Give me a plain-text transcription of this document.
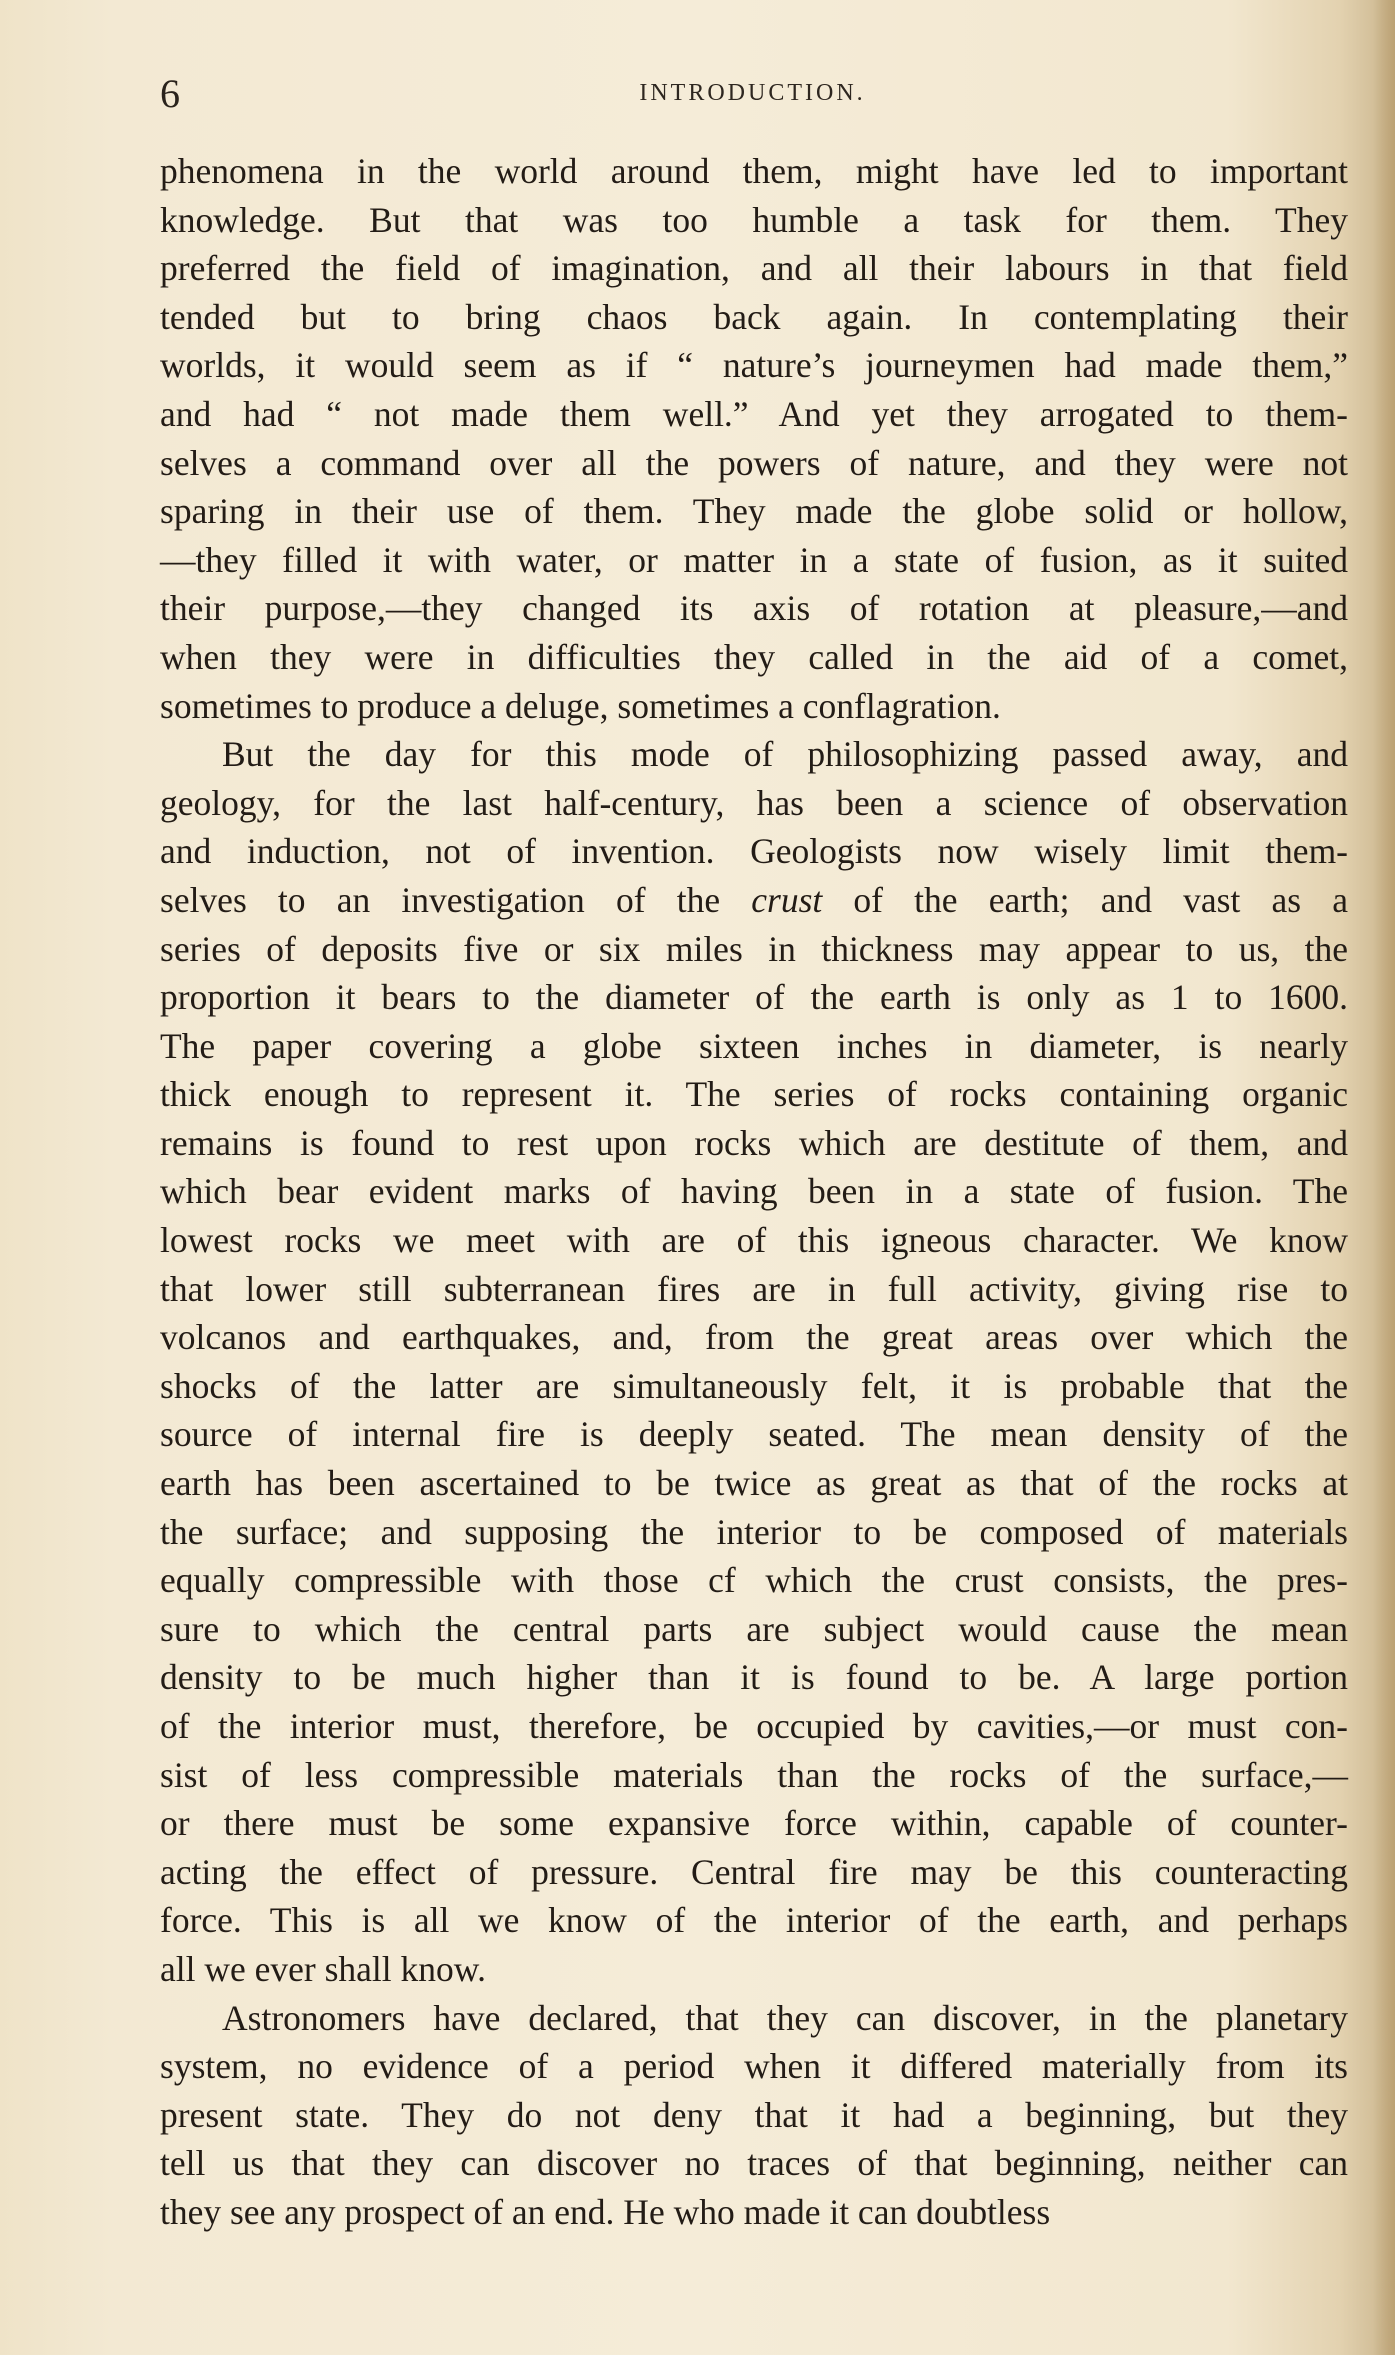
6	INTRODUCTION.
phenomena in the world around them, might have led to important
knowledge. But that was too humble a task for them. They
preferred the field of imagination, and all their labours in that field
tended but to bring chaos back again. In contemplating their
worlds, it would seem as if “ nature’s journeymen had made them,”
and had “ not made them well.” And yet they arrogated to them-
selves a command over all the powers of nature, and they were not
sparing in their use of them. They made the globe solid or hollow,
—they filled it with water, or matter in a state of fusion, as it suited
their purpose,—they changed its axis of rotation at pleasure,—and
when they were in difficulties they called in the aid of a comet,
sometimes to produce a deluge, sometimes a conflagration.
But the day for this mode of philosophizing passed away, and
geology, for the last half-century, has been a science of observation
and induction, not of invention. Geologists now wisely limit them-
selves to an investigation of the crust of the earth; and vast as a
series of deposits five or six miles in thickness may appear to us, the
proportion it bears to the diameter of the earth is only as 1 to 1600.
The paper covering a globe sixteen inches in diameter, is nearly
thick enough to represent it. The series of rocks containing organic
remains is found to rest upon rocks which are destitute of them, and
which bear evident marks of having been in a state of fusion. The
lowest rocks we meet with are of this igneous character. We know
that lower still subterranean fires are in full activity, giving rise to
volcanos and earthquakes, and, from the great areas over which the
shocks of the latter are simultaneously felt, it is probable that the
source of internal fire is deeply seated. The mean density of the
earth has been ascertained to be twice as great as that of the rocks at
the surface; and supposing the interior to be composed of materials
equally compressible with those cf which the crust consists, the pres-
sure to which the central parts are subject would cause the mean
density to be much higher than it is found to be. A large portion
of the interior must, therefore, be occupied by cavities,—or must con-
sist of less compressible materials than the rocks of the surface,—
or there must be some expansive force within, capable of counter-
acting the effect of pressure. Central fire may be this counteracting
force. This is all we know of the interior of the earth, and perhaps
all we ever shall know.
Astronomers have declared, that they can discover, in the planetary
system, no evidence of a period when it differed materially from its
present state. They do not deny that it had a beginning, but they
tell us that they can discover no traces of that beginning, neither can
they see any prospect of an end. He who made it can doubtless
